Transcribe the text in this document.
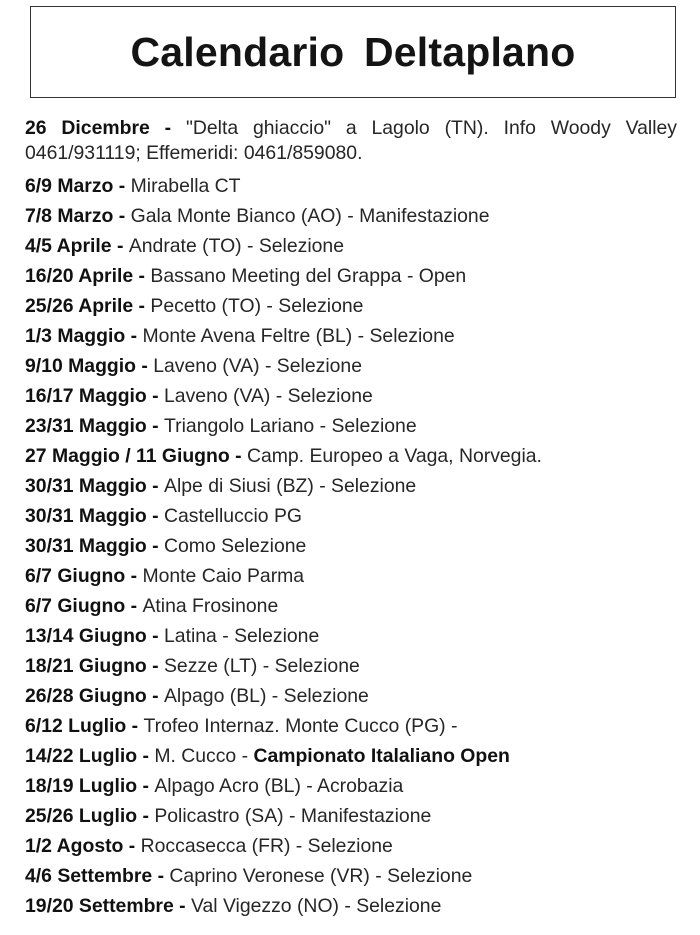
Calendario Deltaplano
26 Dicembre - "Delta ghiaccio" a Lagolo (TN). Info Woody Valley 0461/931119; Effemeridi: 0461/859080.
6/9 Marzo - Mirabella CT
7/8 Marzo - Gala Monte Bianco (AO) - Manifestazione
4/5 Aprile - Andrate (TO) - Selezione
16/20 Aprile - Bassano Meeting del Grappa - Open
25/26 Aprile - Pecetto (TO) - Selezione
1/3 Maggio - Monte Avena Feltre (BL) - Selezione
9/10 Maggio - Laveno (VA) - Selezione
16/17 Maggio - Laveno (VA) - Selezione
23/31 Maggio - Triangolo Lariano - Selezione
27 Maggio / 11 Giugno - Camp. Europeo a Vaga, Norvegia.
30/31 Maggio - Alpe di Siusi (BZ) - Selezione
30/31 Maggio - Castelluccio PG
30/31 Maggio - Como Selezione
6/7 Giugno - Monte Caio Parma
6/7 Giugno - Atina Frosinone
13/14 Giugno - Latina - Selezione
18/21 Giugno - Sezze (LT) - Selezione
26/28 Giugno - Alpago (BL) - Selezione
6/12 Luglio - Trofeo Internaz. Monte Cucco (PG) -
14/22 Luglio - M. Cucco - Campionato Italaliano Open
18/19 Luglio - Alpago Acro (BL) - Acrobazia
25/26 Luglio - Policastro (SA) - Manifestazione
1/2 Agosto - Roccasecca (FR) - Selezione
4/6 Settembre - Caprino Veronese (VR) - Selezione
19/20 Settembre - Val Vigezzo (NO) - Selezione
